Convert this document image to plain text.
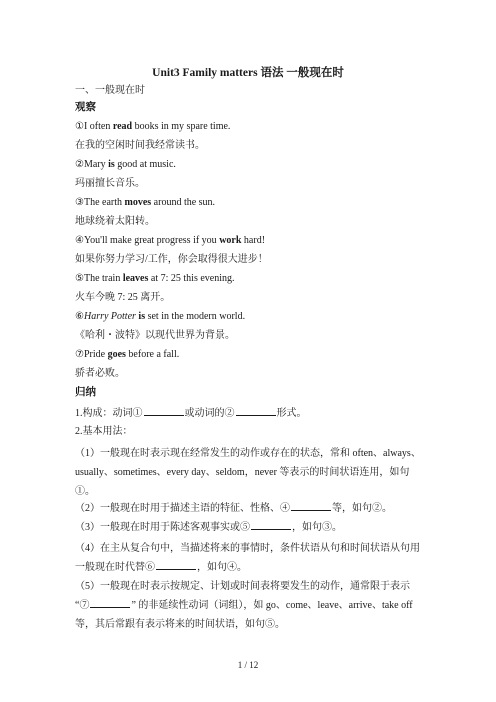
Unit3 Family matters 语法 一般现在时
一、一般现在时
观察
①I often read books in my spare time.
在我的空闲时间我经常读书。
②Mary is good at music.
玛丽擅长音乐。
③The earth moves around the sun.
地球绕着太阳转。
④You'll make great progress if you work hard!
如果你努力学习/工作，你会取得很大进步！
⑤The train leaves at 7: 25 this evening.
火车今晚 7: 25 离开。
⑥Harry Potter is set in the modern world.
《哈利・波特》以现代世界为背景。
⑦Pride goes before a fall.
骄者必败。
归纳
1.构成：动词①	或动词的②	形式。
2.基本用法：
（1）一般现在时表示现在经常发生的动作或存在的状态，常和 often、always、usually、sometimes、every day、seldom，never 等表示的时间状语连用，如句①。
（2）一般现在时用于描述主语的特征、性格、④	等，如句②。
（3）一般现在时用于陈述客观事实或⑤	，如句③。
（4）在主从复合句中，当描述将来的事情时，条件状语从句和时间状语从句用一般现在时代替⑥	，如句④。
（5）一般现在时表示按规定、计划或时间表将要发生的动作，通常限于表示 “⑦	” 的非延续性动词（词组），如 go、come、leave、arrive、take off 等，其后常跟有表示将来的时间状语，如句⑤。
1 / 12
